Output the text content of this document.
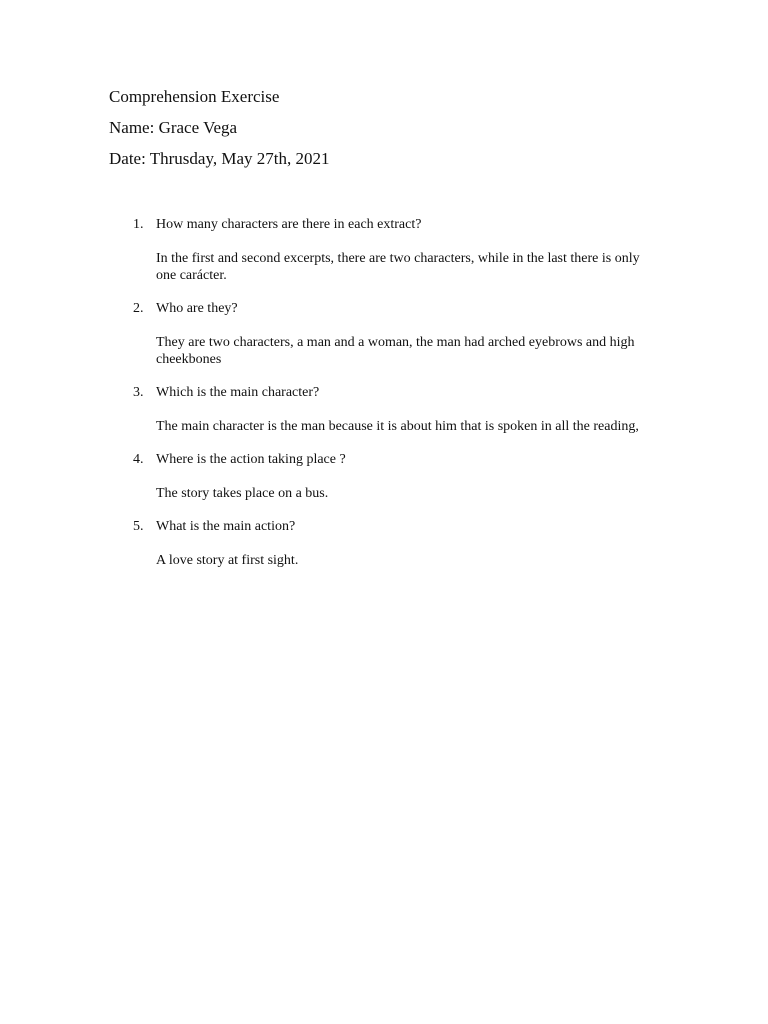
Comprehension Exercise
Name: Grace Vega
Date: Thrusday, May 27th, 2021
1. How many characters are there in each extract?
In the first and second excerpts, there are two characters, while in the last there is only one carácter.
2. Who are they?
They are two characters, a man and a woman, the man had arched eyebrows and high cheekbones
3. Which is the main character?
The main character is the man because it is about him that is spoken in all the reading,
4. Where is the action taking place ?
The story takes place on a bus.
5. What is the main action?
A love story at first sight.
